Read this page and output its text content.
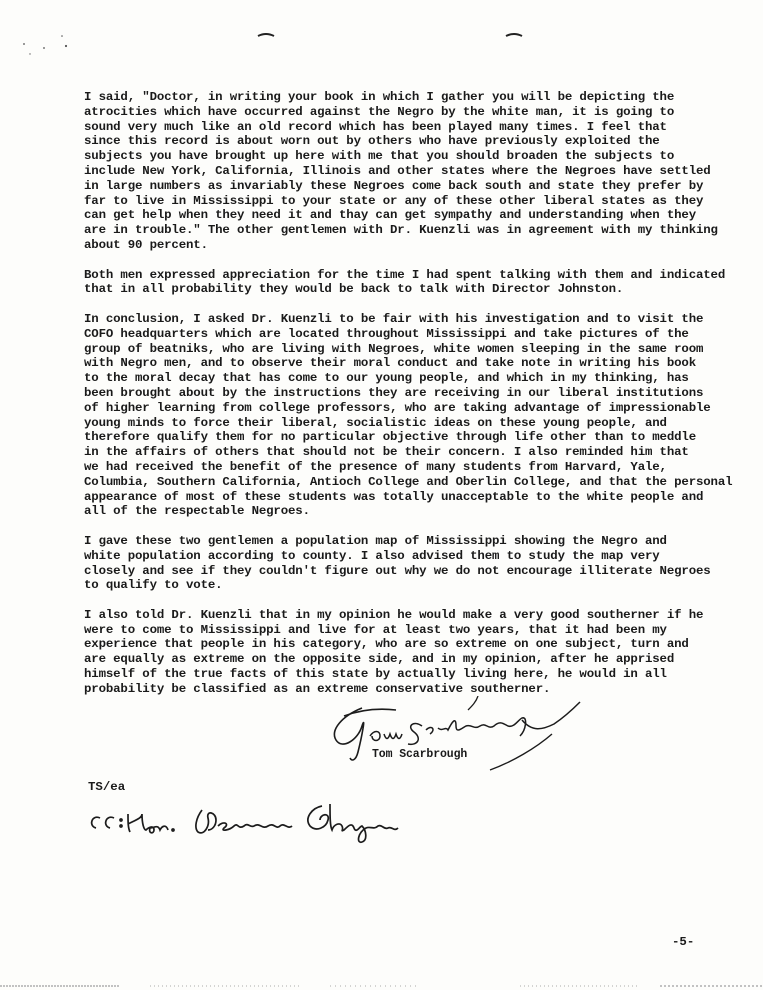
I said, "Doctor, in writing your book in which I gather you will be depicting the
atrocities which have occurred against the Negro by the white man, it is going to
sound very much like an old record which has been played many times. I feel that
since this record is about worn out by others who have previously exploited the
subjects you have brought up here with me that you should broaden the subjects to
include New York, California, Illinois and other states where the Negroes have settled
in large numbers as invariably these Negroes come back south and state they prefer by
far to live in Mississippi to your state or any of these other liberal states as they
can get help when they need it and thay can get sympathy and understanding when they
are in trouble." The other gentlemen with Dr. Kuenzli was in agreement with my thinking
about 90 percent.

Both men expressed appreciation for the time I had spent talking with them and indicated
that in all probability they would be back to talk with Director Johnston.

In conclusion, I asked Dr. Kuenzli to be fair with his investigation and to visit the
COFO headquarters which are located throughout Mississippi and take pictures of the
group of beatniks, who are living with Negroes, white women sleeping in the same room
with Negro men, and to observe their moral conduct and take note in writing his book
to the moral decay that has come to our young people, and which in my thinking, has
been brought about by the instructions they are receiving in our liberal institutions
of higher learning from college professors, who are taking advantage of impressionable
young minds to force their liberal, socialistic ideas on these young people, and
therefore qualify them for no particular objective through life other than to meddle
in the affairs of others that should not be their concern. I also reminded him that
we had received the benefit of the presence of many students from Harvard, Yale,
Columbia, Southern California, Antioch College and Oberlin College, and that the personal
appearance of most of these students was totally unacceptable to the white people and
all of the respectable Negroes.

I gave these two gentlemen a population map of Mississippi showing the Negro and
white population according to county. I also advised them to study the map very
closely and see if they couldn't figure out why we do not encourage illiterate Negroes
to qualify to vote.

I also told Dr. Kuenzli that in my opinion he would make a very good southerner if he
were to come to Mississippi and live for at least two years, that it had been my
experience that people in his category, who are so extreme on one subject, turn and
are equally as extreme on the opposite side, and in my opinion, after he apprised
himself of the true facts of this state by actually living here, he would in all
probability be classified as an extreme conservative southerner.

Tom Scarbrough
TS/ea
-5-
